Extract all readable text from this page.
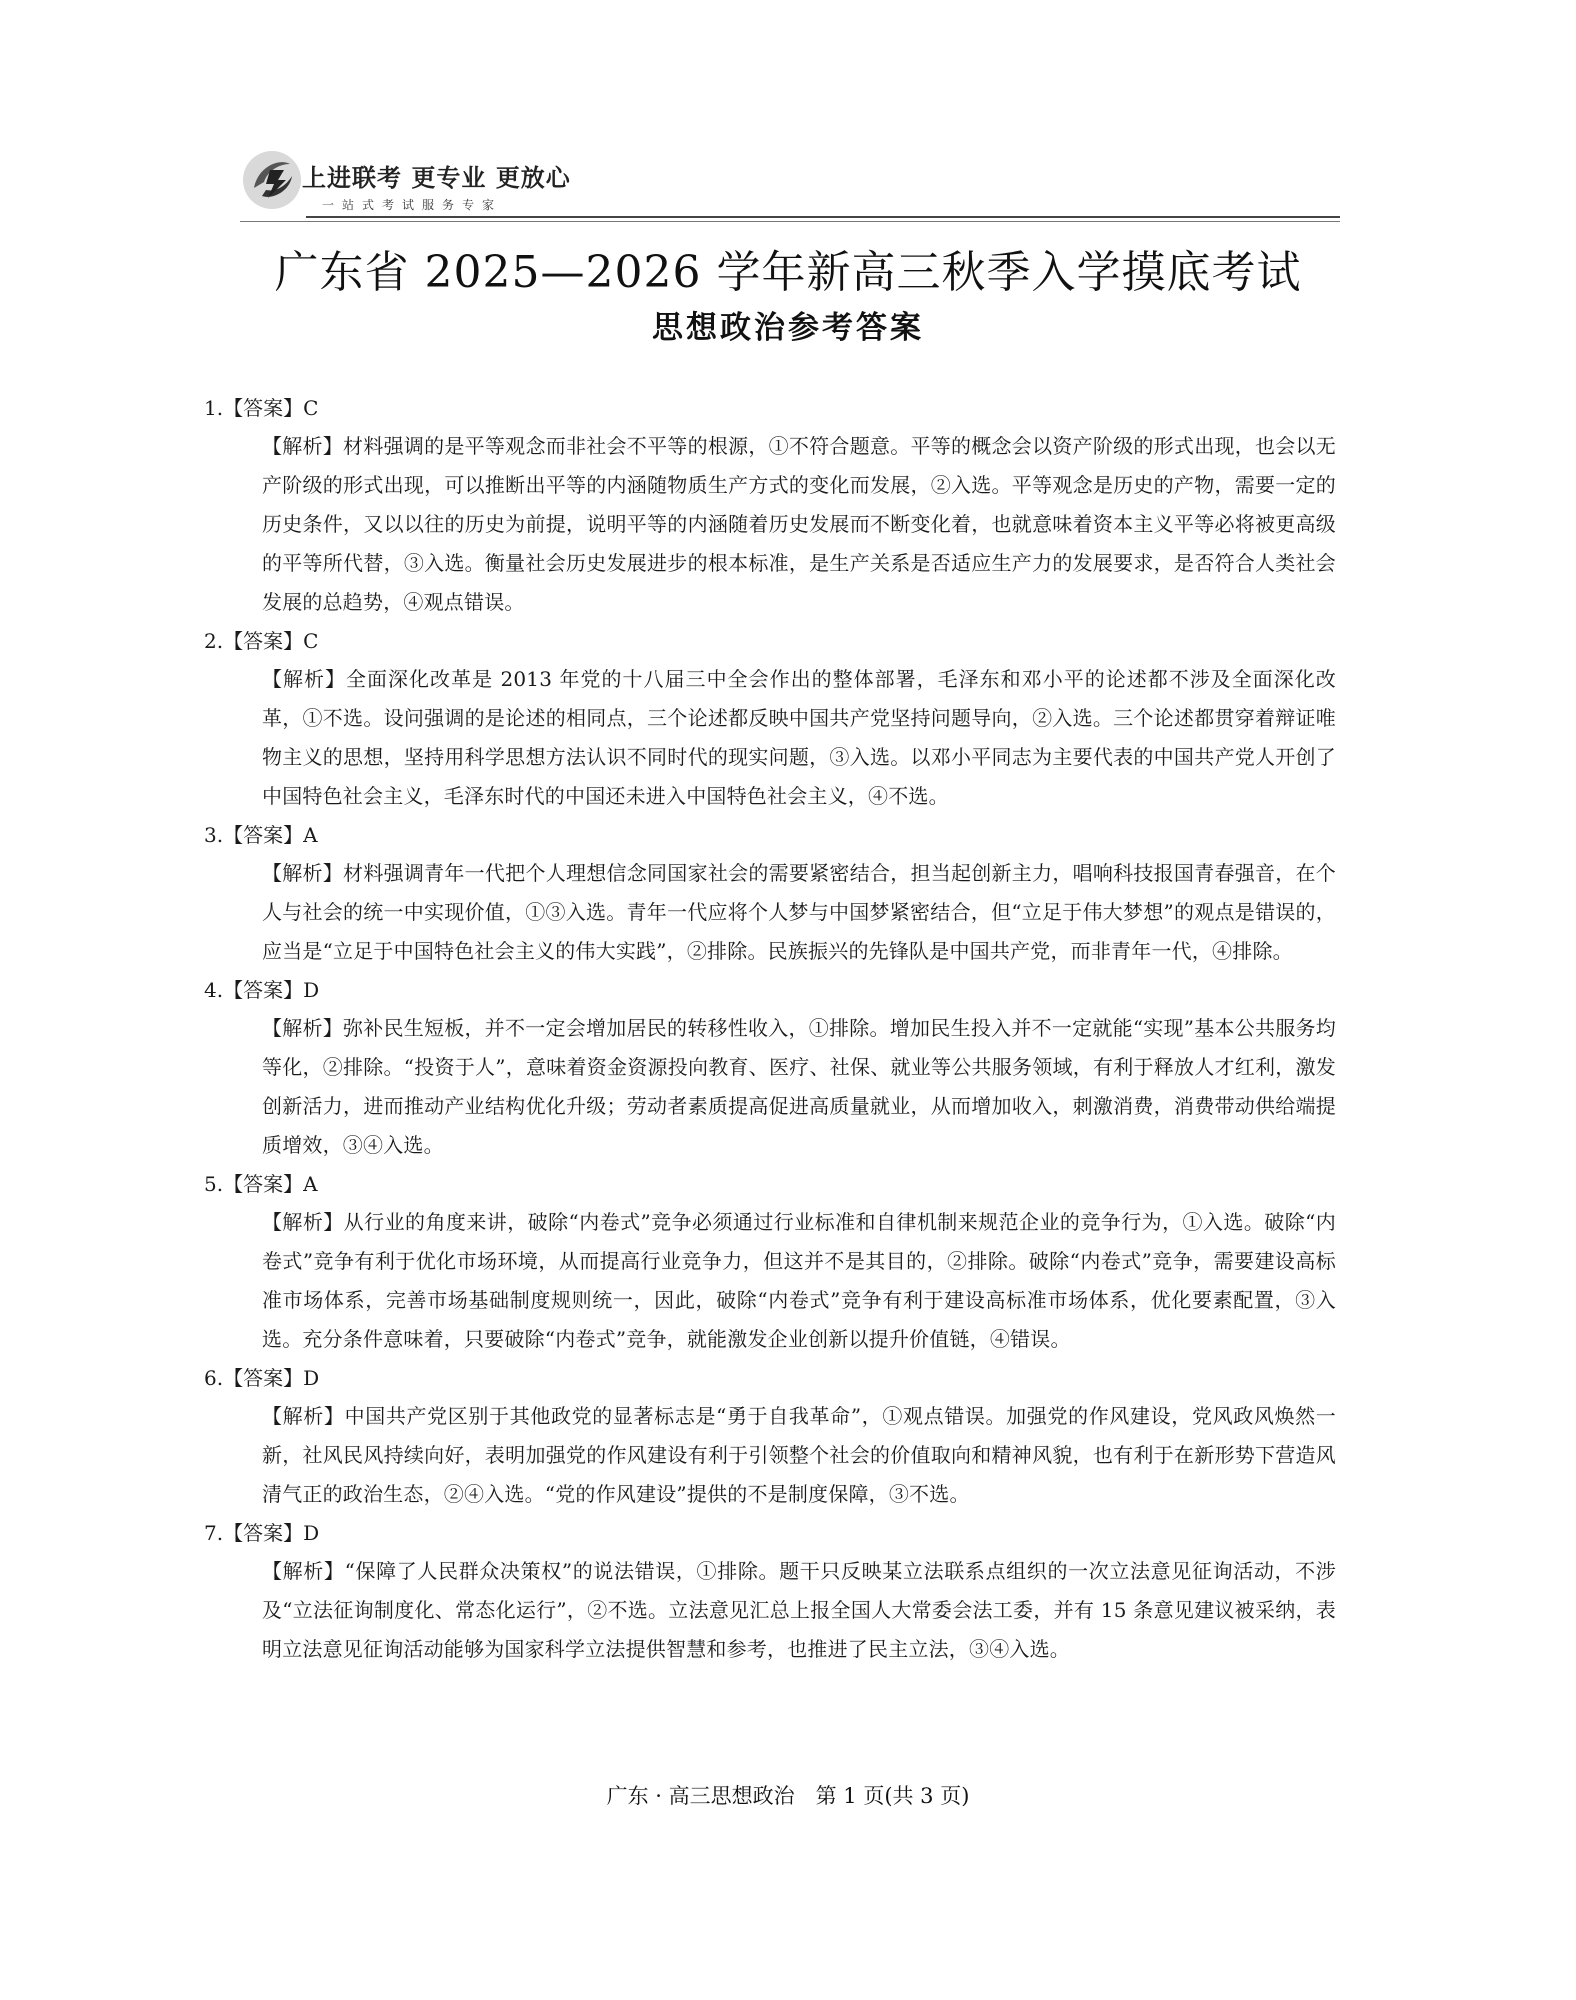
上进联考 更专业 更放心
一站式考试服务专家
广东省 2025—2026 学年新高三秋季入学摸底考试
思想政治参考答案
1.【答案】C
【解析】材料强调的是平等观念而非社会不平等的根源，①不符合题意。平等的概念会以资产阶级的形式出现，也会以无产阶级的形式出现，可以推断出平等的内涵随物质生产方式的变化而发展，②入选。平等观念是历史的产物，需要一定的历史条件，又以以往的历史为前提，说明平等的内涵随着历史发展而不断变化着，也就意味着资本主义平等必将被更高级的平等所代替，③入选。衡量社会历史发展进步的根本标准，是生产关系是否适应生产力的发展要求，是否符合人类社会发展的总趋势，④观点错误。
2.【答案】C
【解析】全面深化改革是 2013 年党的十八届三中全会作出的整体部署，毛泽东和邓小平的论述都不涉及全面深化改革，①不选。设问强调的是论述的相同点，三个论述都反映中国共产党坚持问题导向，②入选。三个论述都贯穿着辩证唯物主义的思想，坚持用科学思想方法认识不同时代的现实问题，③入选。以邓小平同志为主要代表的中国共产党人开创了中国特色社会主义，毛泽东时代的中国还未进入中国特色社会主义，④不选。
3.【答案】A
【解析】材料强调青年一代把个人理想信念同国家社会的需要紧密结合，担当起创新主力，唱响科技报国青春强音，在个人与社会的统一中实现价值，①③入选。青年一代应将个人梦与中国梦紧密结合，但“立足于伟大梦想”的观点是错误的，应当是“立足于中国特色社会主义的伟大实践”，②排除。民族振兴的先锋队是中国共产党，而非青年一代，④排除。
4.【答案】D
【解析】弥补民生短板，并不一定会增加居民的转移性收入，①排除。增加民生投入并不一定就能“实现”基本公共服务均等化，②排除。“投资于人”，意味着资金资源投向教育、医疗、社保、就业等公共服务领域，有利于释放人才红利，激发创新活力，进而推动产业结构优化升级；劳动者素质提高促进高质量就业，从而增加收入，刺激消费，消费带动供给端提质增效，③④入选。
5.【答案】A
【解析】从行业的角度来讲，破除“内卷式”竞争必须通过行业标准和自律机制来规范企业的竞争行为，①入选。破除“内卷式”竞争有利于优化市场环境，从而提高行业竞争力，但这并不是其目的，②排除。破除“内卷式”竞争，需要建设高标准市场体系，完善市场基础制度规则统一，因此，破除“内卷式”竞争有利于建设高标准市场体系，优化要素配置，③入选。充分条件意味着，只要破除“内卷式”竞争，就能激发企业创新以提升价值链，④错误。
6.【答案】D
【解析】中国共产党区别于其他政党的显著标志是“勇于自我革命”，①观点错误。加强党的作风建设，党风政风焕然一新，社风民风持续向好，表明加强党的作风建设有利于引领整个社会的价值取向和精神风貌，也有利于在新形势下营造风清气正的政治生态，②④入选。“党的作风建设”提供的不是制度保障，③不选。
7.【答案】D
【解析】“保障了人民群众决策权”的说法错误，①排除。题干只反映某立法联系点组织的一次立法意见征询活动，不涉及“立法征询制度化、常态化运行”，②不选。立法意见汇总上报全国人大常委会法工委，并有 15 条意见建议被采纳，表明立法意见征询活动能够为国家科学立法提供智慧和参考，也推进了民主立法，③④入选。
广东 · 高三思想政治　第 1 页(共 3 页)
